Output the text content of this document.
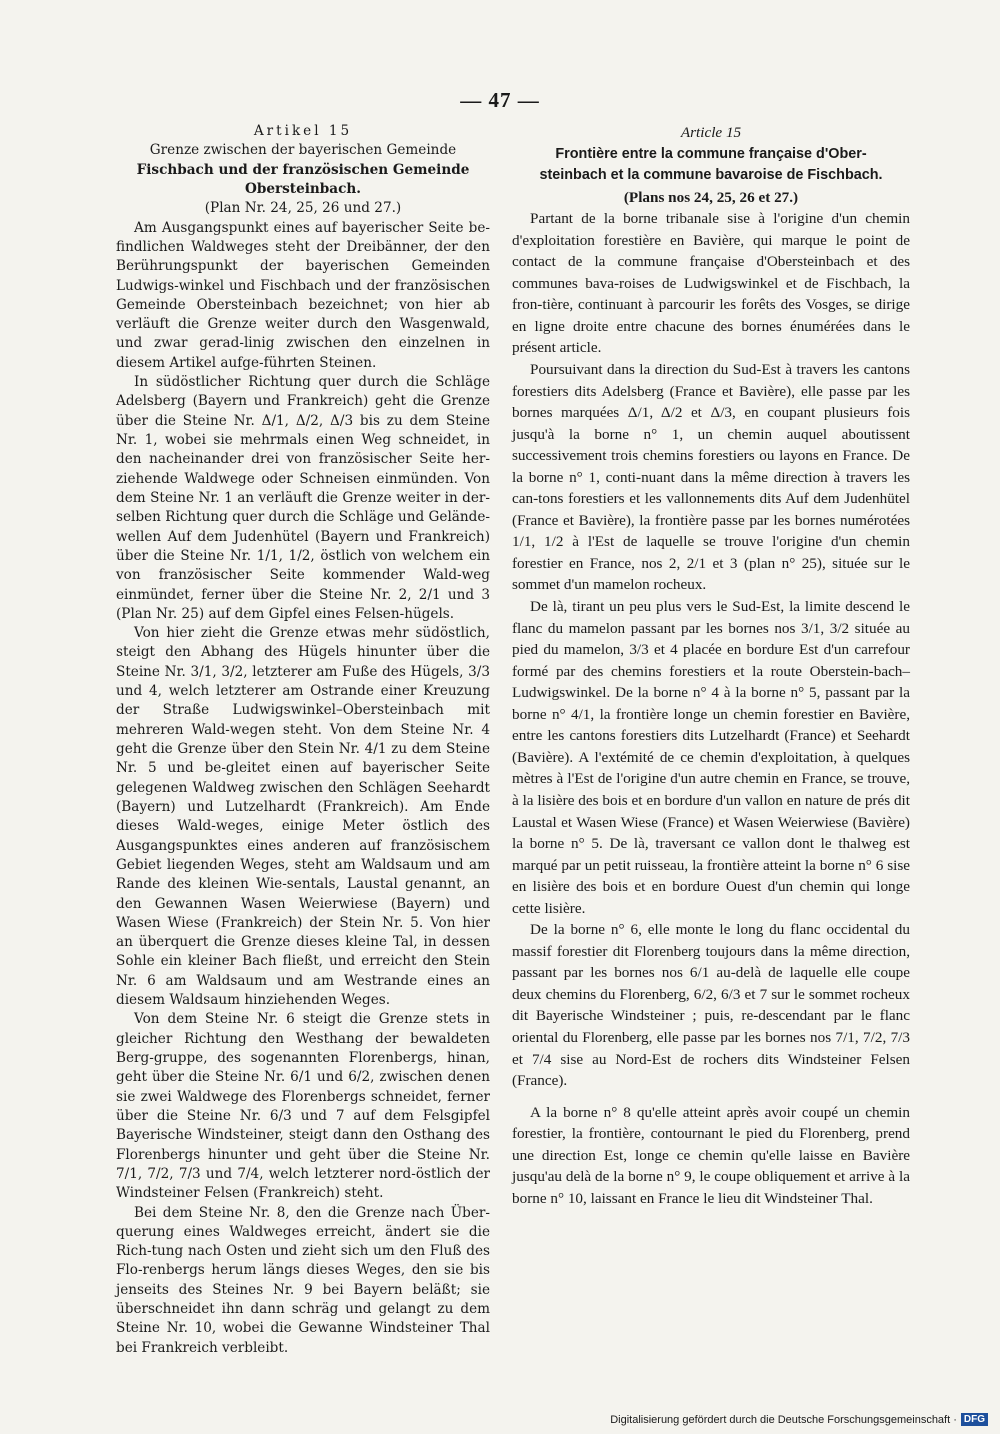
— 47 —
Artikel 15
Grenze zwischen der bayerischen Gemeinde
Fischbach und der französischen Gemeinde Obersteinbach.
(Plan Nr. 24, 25, 26 und 27.)

Am Ausgangspunkt eines auf bayerischer Seite be-findlichen Waldweges steht der Dreibänner, der den Berührungspunkt der bayerischen Gemeinden Ludwigs-winkel und Fischbach und der französischen Gemeinde Obersteinbach bezeichnet; von hier ab verläuft die Grenze weiter durch den Wasgenwald, und zwar gerad-linig zwischen den einzelnen in diesem Artikel aufge-führten Steinen.

In südöstlicher Richtung quer durch die Schläge Adelsberg (Bayern und Frankreich) geht die Grenze über die Steine Nr. Δ/1, Δ/2, Δ/3 bis zu dem Steine Nr. 1, wobei sie mehrmals einen Weg schneidet, in den nacheinander drei von französischer Seite her-ziehende Waldwege oder Schneisen einmünden. Von dem Steine Nr. 1 an verläuft die Grenze weiter in der-selben Richtung quer durch die Schläge und Gelände-wellen Auf dem Judenhütel (Bayern und Frankreich) über die Steine Nr. 1/1, 1/2, östlich von welchem ein von französischer Seite kommender Wald-weg einmündet, ferner über die Steine Nr. 2, 2/1 und 3 (Plan Nr. 25) auf dem Gipfel eines Felsen-hügels.

Von hier zieht die Grenze etwas mehr südöstlich, steigt den Abhang des Hügels hinunter über die Steine Nr. 3/1, 3/2, letzterer am Fuße des Hügels, 3/3 und 4, welch letzterer am Ostrande einer Kreuzung der Straße Ludwigswinkel–Obersteinbach mit mehreren Wald-wegen steht. Von dem Steine Nr. 4 geht die Grenze über den Stein Nr. 4/1 zu dem Steine Nr. 5 und be-gleitet einen auf bayerischer Seite gelegenen Waldweg zwischen den Schlägen Seehardt (Bayern) und Lutzelhardt (Frankreich). Am Ende dieses Wald-weges, einige Meter östlich des Ausgangspunktes eines anderen auf französischem Gebiet liegenden Weges, steht am Waldsaum und am Rande des kleinen Wie-sentals, Laustal genannt, an den Gewannen Wasen Weierwiese (Bayern) und Wasen Wiese (Frankreich) der Stein Nr. 5. Von hier an überquert die Grenze dieses kleine Tal, in dessen Sohle ein kleiner Bach fließt, und erreicht den Stein Nr. 6 am Waldsaum und am Westrande eines an diesem Waldsaum hinziehenden Weges.

Von dem Steine Nr. 6 steigt die Grenze stets in gleicher Richtung den Westhang der bewaldeten Berg-gruppe, des sogenannten Florenbergs, hinan, geht über die Steine Nr. 6/1 und 6/2, zwischen denen sie zwei Waldwege des Florenbergs schneidet, ferner über die Steine Nr. 6/3 und 7 auf dem Felsgipfel Bayerische Windsteiner, steigt dann den Osthang des Florenbergs hinunter und geht über die Steine Nr. 7/1, 7/2, 7/3 und 7/4, welch letzterer nord-östlich der Windsteiner Felsen (Frankreich) steht.

Bei dem Steine Nr. 8, den die Grenze nach Über-querung eines Waldweges erreicht, ändert sie die Rich-tung nach Osten und zieht sich um den Fluß des Flo-renbergs herum längs dieses Weges, den sie bis jenseits des Steines Nr. 9 bei Bayern beläßt; sie überschneidet ihn dann schräg und gelangt zu dem Steine Nr. 10, wobei die Gewanne Windsteiner Thal bei Frankreich verbleibt.

Article 15
Frontière entre la commune française d'Ober-
steinbach et la commune bavaroise de Fischbach.
(Plans nos 24, 25, 26 et 27.)

Partant de la borne tribanale sise à l'origine d'un chemin d'exploitation forestière en Bavière, qui marque le point de contact de la commune française d'Obersteinbach et des communes bava-roises de Ludwigswinkel et de Fischbach, la fron-tière, continuant à parcourir les forêts des Vosges, se dirige en ligne droite entre chacune des bornes énumérées dans le présent article.

Poursuivant dans la direction du Sud-Est à travers les cantons forestiers dits Adelsberg (France et Bavière), elle passe par les bornes marquées Δ/1, Δ/2 et Δ/3, en coupant plusieurs fois jusqu'à la borne n° 1, un chemin auquel aboutissent successivement trois chemins forestiers ou layons en France. De la borne n° 1, conti-nuant dans la même direction à travers les can-tons forestiers et les vallonnements dits Auf dem Judenhütel (France et Bavière), la frontière passe par les bornes numérotées 1/1, 1/2 à l'Est de laquelle se trouve l'origine d'un chemin forestier en France, nos 2, 2/1 et 3 (plan n° 25), située sur le sommet d'un mamelon rocheux.

De là, tirant un peu plus vers le Sud-Est, la limite descend le flanc du mamelon passant par les bornes nos 3/1, 3/2 située au pied du mamelon, 3/3 et 4 placée en bordure Est d'un carrefour formé par des chemins forestiers et la route Oberstein-bach–Ludwigswinkel. De la borne n° 4 à la borne n° 5, passant par la borne n° 4/1, la frontière longe un chemin forestier en Bavière, entre les cantons forestiers dits Lutzelhardt (France) et Seehardt (Bavière). A l'extémité de ce chemin d'exploitation, à quelques mètres à l'Est de l'origine d'un autre chemin en France, se trouve, à la lisière des bois et en bordure d'un vallon en nature de prés dit Laustal et Wasen Wiese (France) et Wasen Weierwiese (Bavière) la borne n° 5. De là, traversant ce vallon dont le thalweg est marqué par un petit ruisseau, la frontière atteint la borne n° 6 sise en lisière des bois et en bordure Ouest d'un chemin qui longe cette lisière.

De la borne n° 6, elle monte le long du flanc occidental du massif forestier dit Florenberg toujours dans la même direction, passant par les bornes nos 6/1 au-delà de laquelle elle coupe deux chemins du Florenberg, 6/2, 6/3 et 7 sur le sommet rocheux dit Bayerische Windsteiner ; puis, re-descendant par le flanc oriental du Florenberg, elle passe par les bornes nos 7/1, 7/2, 7/3 et 7/4 sise au Nord-Est de rochers dits Windsteiner Felsen (France).

A la borne n° 8 qu'elle atteint après avoir coupé un chemin forestier, la frontière, contournant le pied du Florenberg, prend une direction Est, longe ce chemin qu'elle laisse en Bavière jusqu'au delà de la borne n° 9, le coupe obliquement et arrive à la borne n° 10, laissant en France le lieu dit Windsteiner Thal.

Digitalisierung gefördert durch die Deutsche Forschungsgemeinschaft · DFG
